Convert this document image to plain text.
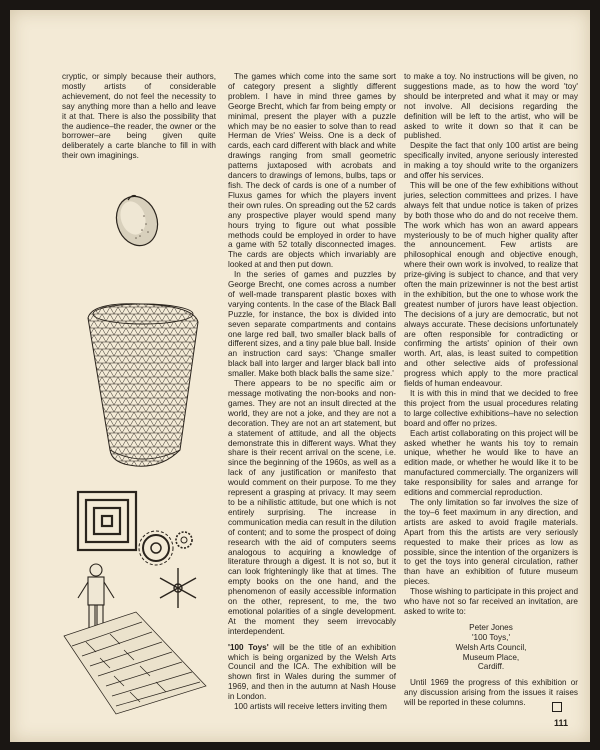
cryptic, or simply because their authors, mostly artists of considerable achievement, do not feel the necessity to say anything more than a hello and leave it at that. There is also the possibility that the audience–the reader, the owner or the borrower–are being given quite deliberately a carte blanche to fill in with their own imaginings.

The games which come into the same sort of category present a slightly different problem. I have in mind three games by George Brecht, which far from being empty or minimal, present the player with a puzzle which may be no easier to solve than to read Herman de Vries' Weiss. One is a deck of cards, each card different with black and white drawings ranging from small geometric patterns juxtaposed with acrobats and dancers to drawings of lemons, bulbs, taps or fish. The deck of cards is one of a number of Fluxus games for which the players invent their own rules. On spreading out the 52 cards any prospective player would spend many hours trying to figure out what possible methods could be employed in order to have a game with 52 totally disconnected images. The cards are objects which invariably are looked at and then put down.

In the series of games and puzzles by George Brecht, one comes across a number of well-made transparent plastic boxes with varying contents. In the case of the Black Ball Puzzle, for instance, the box is divided into seven separate compartments and contains one large red ball, two smaller black balls of different sizes, and a tiny pale blue ball. Inside an instruction card says: 'Change smaller black ball into larger and larger black ball into smaller. Make both black balls the same size.'

There appears to be no specific aim or message motivating the non-books and non-games. They are not an insult directed at the world, they are not a joke, and they are not a decoration. They are not an art statement, but a statement of attitude, and all the objects demonstrate this in different ways. What they share is their recent arrival on the scene, i.e. since the beginning of the 1960s, as well as a lack of any justification or manifesto that would comment on their purpose. To me they represent a grasping at privacy. It may seem to be a nihilistic attitude, but one which is not entirely surprising. The increase in communication media can result in the dilution of content; and to some the prospect of doing research with the aid of computers seems analogous to acquiring a knowledge of literature through a digest. It is not so, but it can look frighteningly like that at times. The empty books on the one hand, and the phenomenon of easily accessible information on the other, represent, to me, the two emotional polarities of a single development. At the moment they seem irrevocably interdependent.

'100 Toys' will be the title of an exhibition which is being organized by the Welsh Arts Council and the ICA. The exhibition will be shown first in Wales during the summer of 1969, and then in the autumn at Nash House in London.

100 artists will receive letters inviting them

to make a toy. No instructions will be given, no suggestions made, as to how the word 'toy' should be interpreted and what it may or may not involve. All decisions regarding the definition will be left to the artist, who will be asked to write it down so that it can be published.

Despite the fact that only 100 artist are being specifically invited, anyone seriously interested in making a toy should write to the organizers and offer his services.

This will be one of the few exhibitions without juries, selection committees and prizes. I have always felt that undue notice is taken of prizes by both those who do and do not receive them. The work which has won an award appears mysteriously to be of much higher quality after the announcement. Few artists are philosophical enough and objective enough, where their own work is involved, to realize that prize-giving is subject to chance, and that very often the main prizewinner is not the best artist in the exhibition, but the one to whose work the greatest number of jurors have least objection. The decisions of a jury are democratic, but not always accurate. These decisions unfortunately are often responsible for contradicting or confirming the artists' opinion of their own worth. Art, alas, is least suited to competition and other selective aids of professional progress which apply to the more practical fields of human endeavour.

It is with this in mind that we decided to free this project from the usual procedures relating to large collective exhibitions–have no selection board and offer no prizes.

Each artist collaborating on this project will be asked whether he wants his toy to remain unique, whether he would like to have an edition made, or whether he would like it to be manufactured commercially. The organizers will take responsibility for sales and arrange for editions and commercial reproduction.

The only limitation so far involves the size of the toy–6 feet maximum in any direction, and artists are asked to avoid fragile materials. Apart from this the artists are very seriously requested to make their prices as low as possible, since the intention of the organizers is to get the toys into general circulation, rather than have an exhibition of future museum pieces.

Those wishing to participate in this project and who have not so far received an invitation, are asked to write to:

Peter Jones
'100 Toys,'
Welsh Arts Council,
Museum Place,
Cardiff.

Until 1969 the progress of this exhibition or any discussion arising from the issues it raises will be reported in these columns.

111
